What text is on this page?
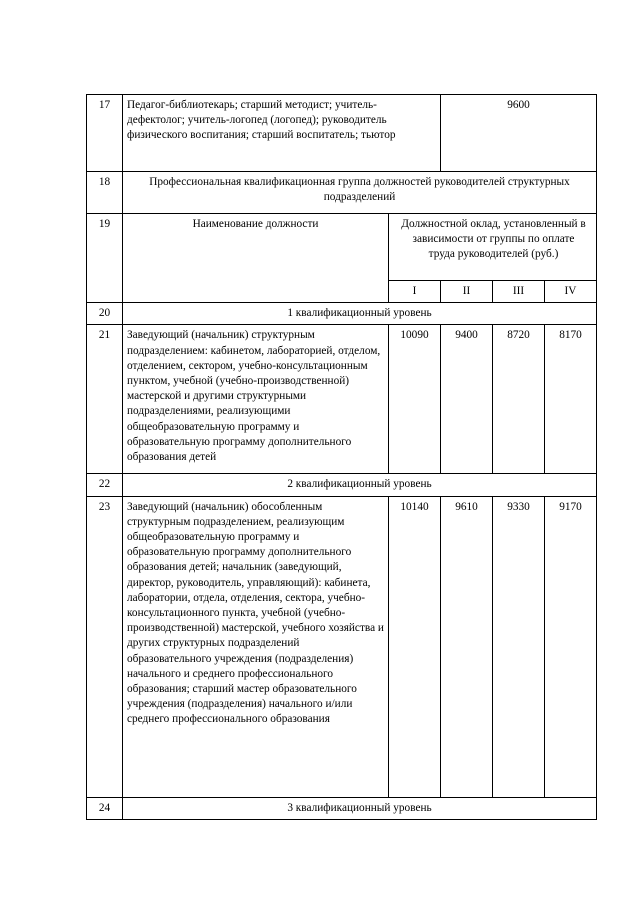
17	Педагог-библиотекарь; старший методист; учитель-дефектолог; учитель-логопед (логопед); руководитель физического воспитания; старший воспитатель; тьютор		9600		
18	Профессиональная квалификационная группа должностей руководителей структурных подразделений				
19	Наименование должности	Должностной оклад, установленный в зависимости от группы по оплате труда руководителей (руб.)			
		I	II	III	IV
20	1 квалификационный уровень				
21	Заведующий (начальник) структурным подразделением: кабинетом, лабораторией, отделом, отделением, сектором, учебно-консультационным пунктом, учебной (учебно-производственной) мастерской и другими структурными подразделениями, реализующими общеобразовательную программу и образовательную программу дополнительного образования детей	10090	9400	8720	8170
22	2 квалификационный уровень				
23	Заведующий (начальник) обособленным структурным подразделением, реализующим общеобразовательную программу и образовательную программу дополнительного образования детей; начальник (заведующий, директор, руководитель, управляющий): кабинета, лаборатории, отдела, отделения, сектора, учебно-консультационного пункта, учебной (учебно-производственной) мастерской, учебного хозяйства и других структурных подразделений образовательного учреждения (подразделения) начального и среднего профессионального образования; старший мастер образовательного учреждения (подразделения) начального и/или среднего профессионального образования	10140	9610	9330	9170
24	3 квалификационный уровень				
